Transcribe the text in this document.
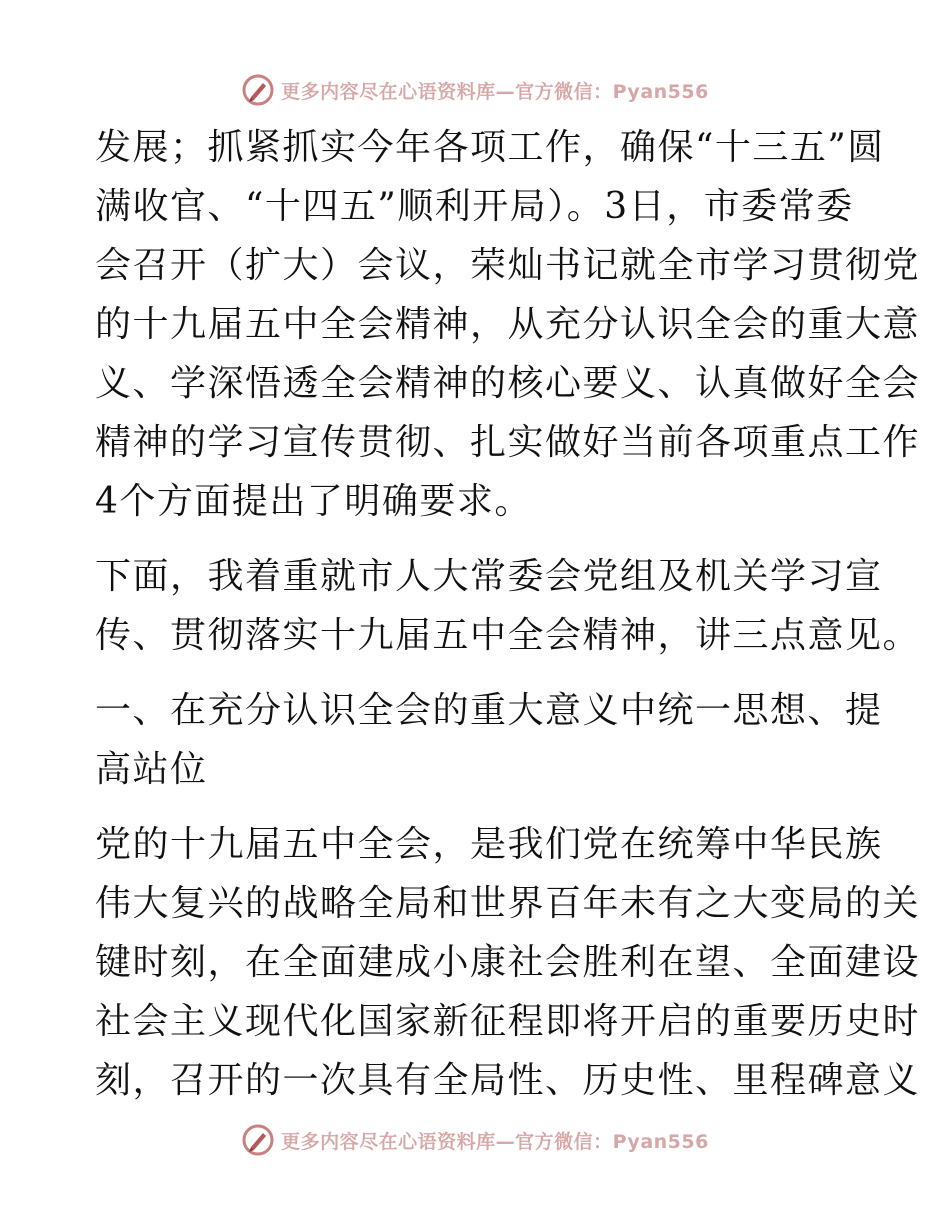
更多内容尽在心语资料库—官方微信：Pyan556
发展；抓紧抓实今年各项工作，确保“十三五”圆
满收官、“十四五”顺利开局）。3日，市委常委
会召开（扩大）会议，荣灿书记就全市学习贯彻党
的十九届五中全会精神，从充分认识全会的重大意
义、学深悟透全会精神的核心要义、认真做好全会
精神的学习宣传贯彻、扎实做好当前各项重点工作
4个方面提出了明确要求。
下面，我着重就市人大常委会党组及机关学习宣
传、贯彻落实十九届五中全会精神，讲三点意见。
一、在充分认识全会的重大意义中统一思想、提
高站位
党的十九届五中全会，是我们党在统筹中华民族
伟大复兴的战略全局和世界百年未有之大变局的关
键时刻，在全面建成小康社会胜利在望、全面建设
社会主义现代化国家新征程即将开启的重要历史时
刻，召开的一次具有全局性、历史性、里程碑意义
更多内容尽在心语资料库—官方微信：Pyan556
